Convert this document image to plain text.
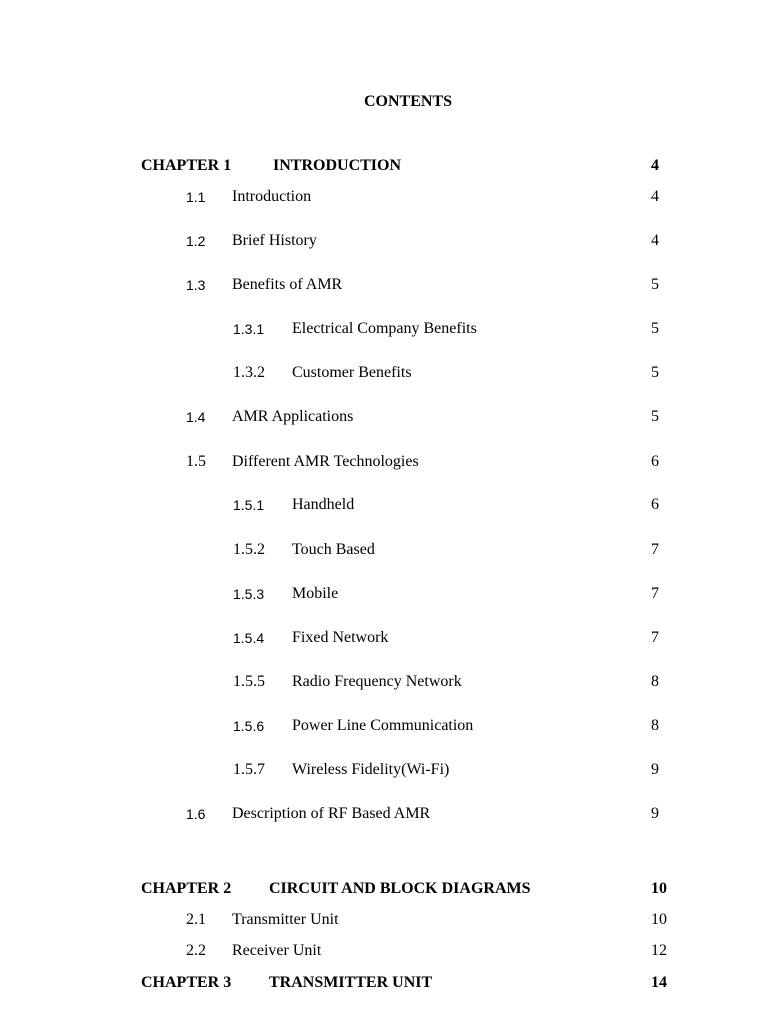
CONTENTS
CHAPTER 1	INTRODUCTION	4
1.1 Introduction	4
1.2 Brief History	4
1.3 Benefits of AMR	5
1.3.1 Electrical Company Benefits	5
1.3.2 Customer Benefits	5
1.4 AMR Applications	5
1.5 Different AMR Technologies	6
1.5.1 Handheld	6
1.5.2 Touch Based	7
1.5.3 Mobile	7
1.5.4 Fixed Network	7
1.5.5 Radio Frequency Network	8
1.5.6 Power Line Communication	8
1.5.7 Wireless Fidelity(Wi-Fi)	9
1.6 Description of RF Based AMR	9
CHAPTER 2 CIRCUIT AND BLOCK DIAGRAMS	10
2.1 Transmitter Unit	10
2.2 Receiver Unit	12
CHAPTER 3 TRANSMITTER UNIT	14
